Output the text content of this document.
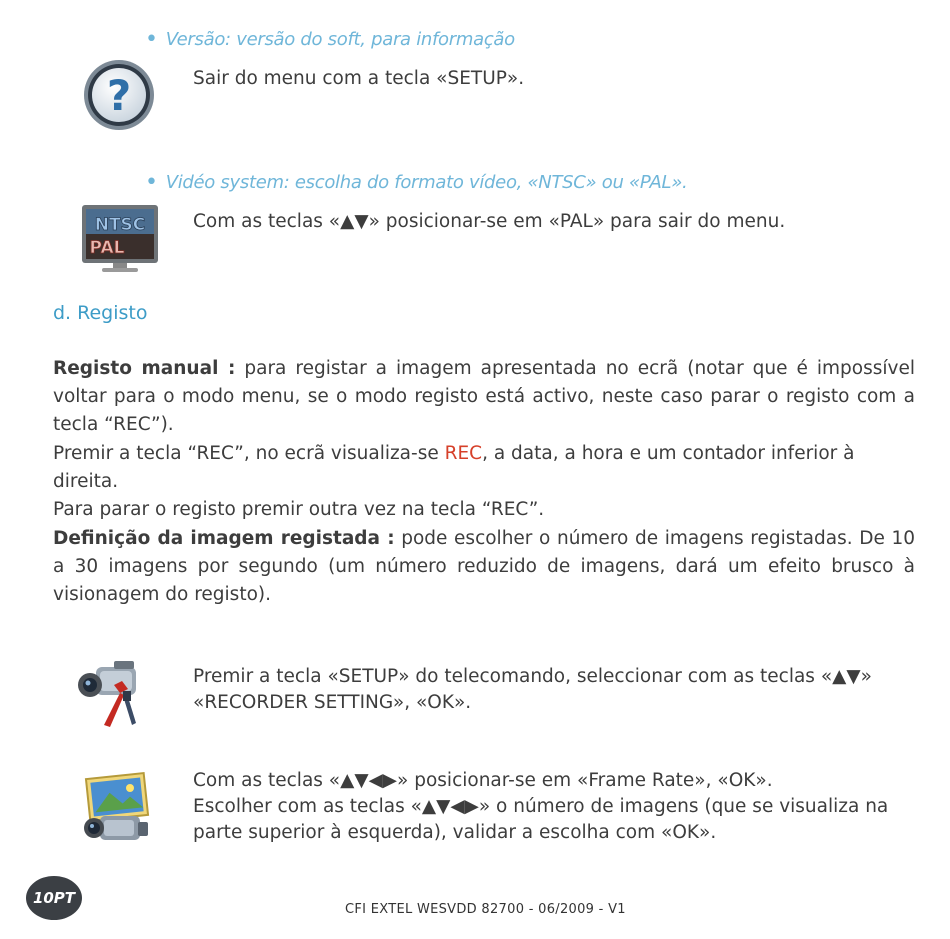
• Versão: versão do soft, para informação
?	Sair do menu com a tecla «SETUP».
• Vidéo system: escolha do formato vídeo, «NTSC» ou «PAL».
NTSC
PAL
Com as teclas «▲▼» posicionar-se em «PAL» para sair do menu.
d. Registo
Registo manual : para registar a imagem apresentada no ecrã (notar que é impossível voltar para o modo menu, se o modo registo está activo, neste caso parar o registo com a tecla “REC”).
Premir a tecla “REC”, no ecrã visualiza-se REC, a data, a hora e um contador inferior à direita.
Para parar o registo premir outra vez na tecla “REC”.
Definição da imagem registada : pode escolher o número de imagens registadas. De 10 a 30 imagens por segundo (um número reduzido de imagens, dará um efeito brusco à visionagem do registo).
Premir a tecla «SETUP» do telecomando, seleccionar com as teclas «▲▼»
«RECORDER SETTING», «OK».
Com as teclas «▲▼◀▶» posicionar-se em «Frame Rate», «OK».
Escolher com as teclas «▲▼◀▶» o número de imagens (que se visualiza na
parte superior à esquerda), validar a escolha com «OK».
10PT
CFI EXTEL WESVDD 82700 - 06/2009 - V1
